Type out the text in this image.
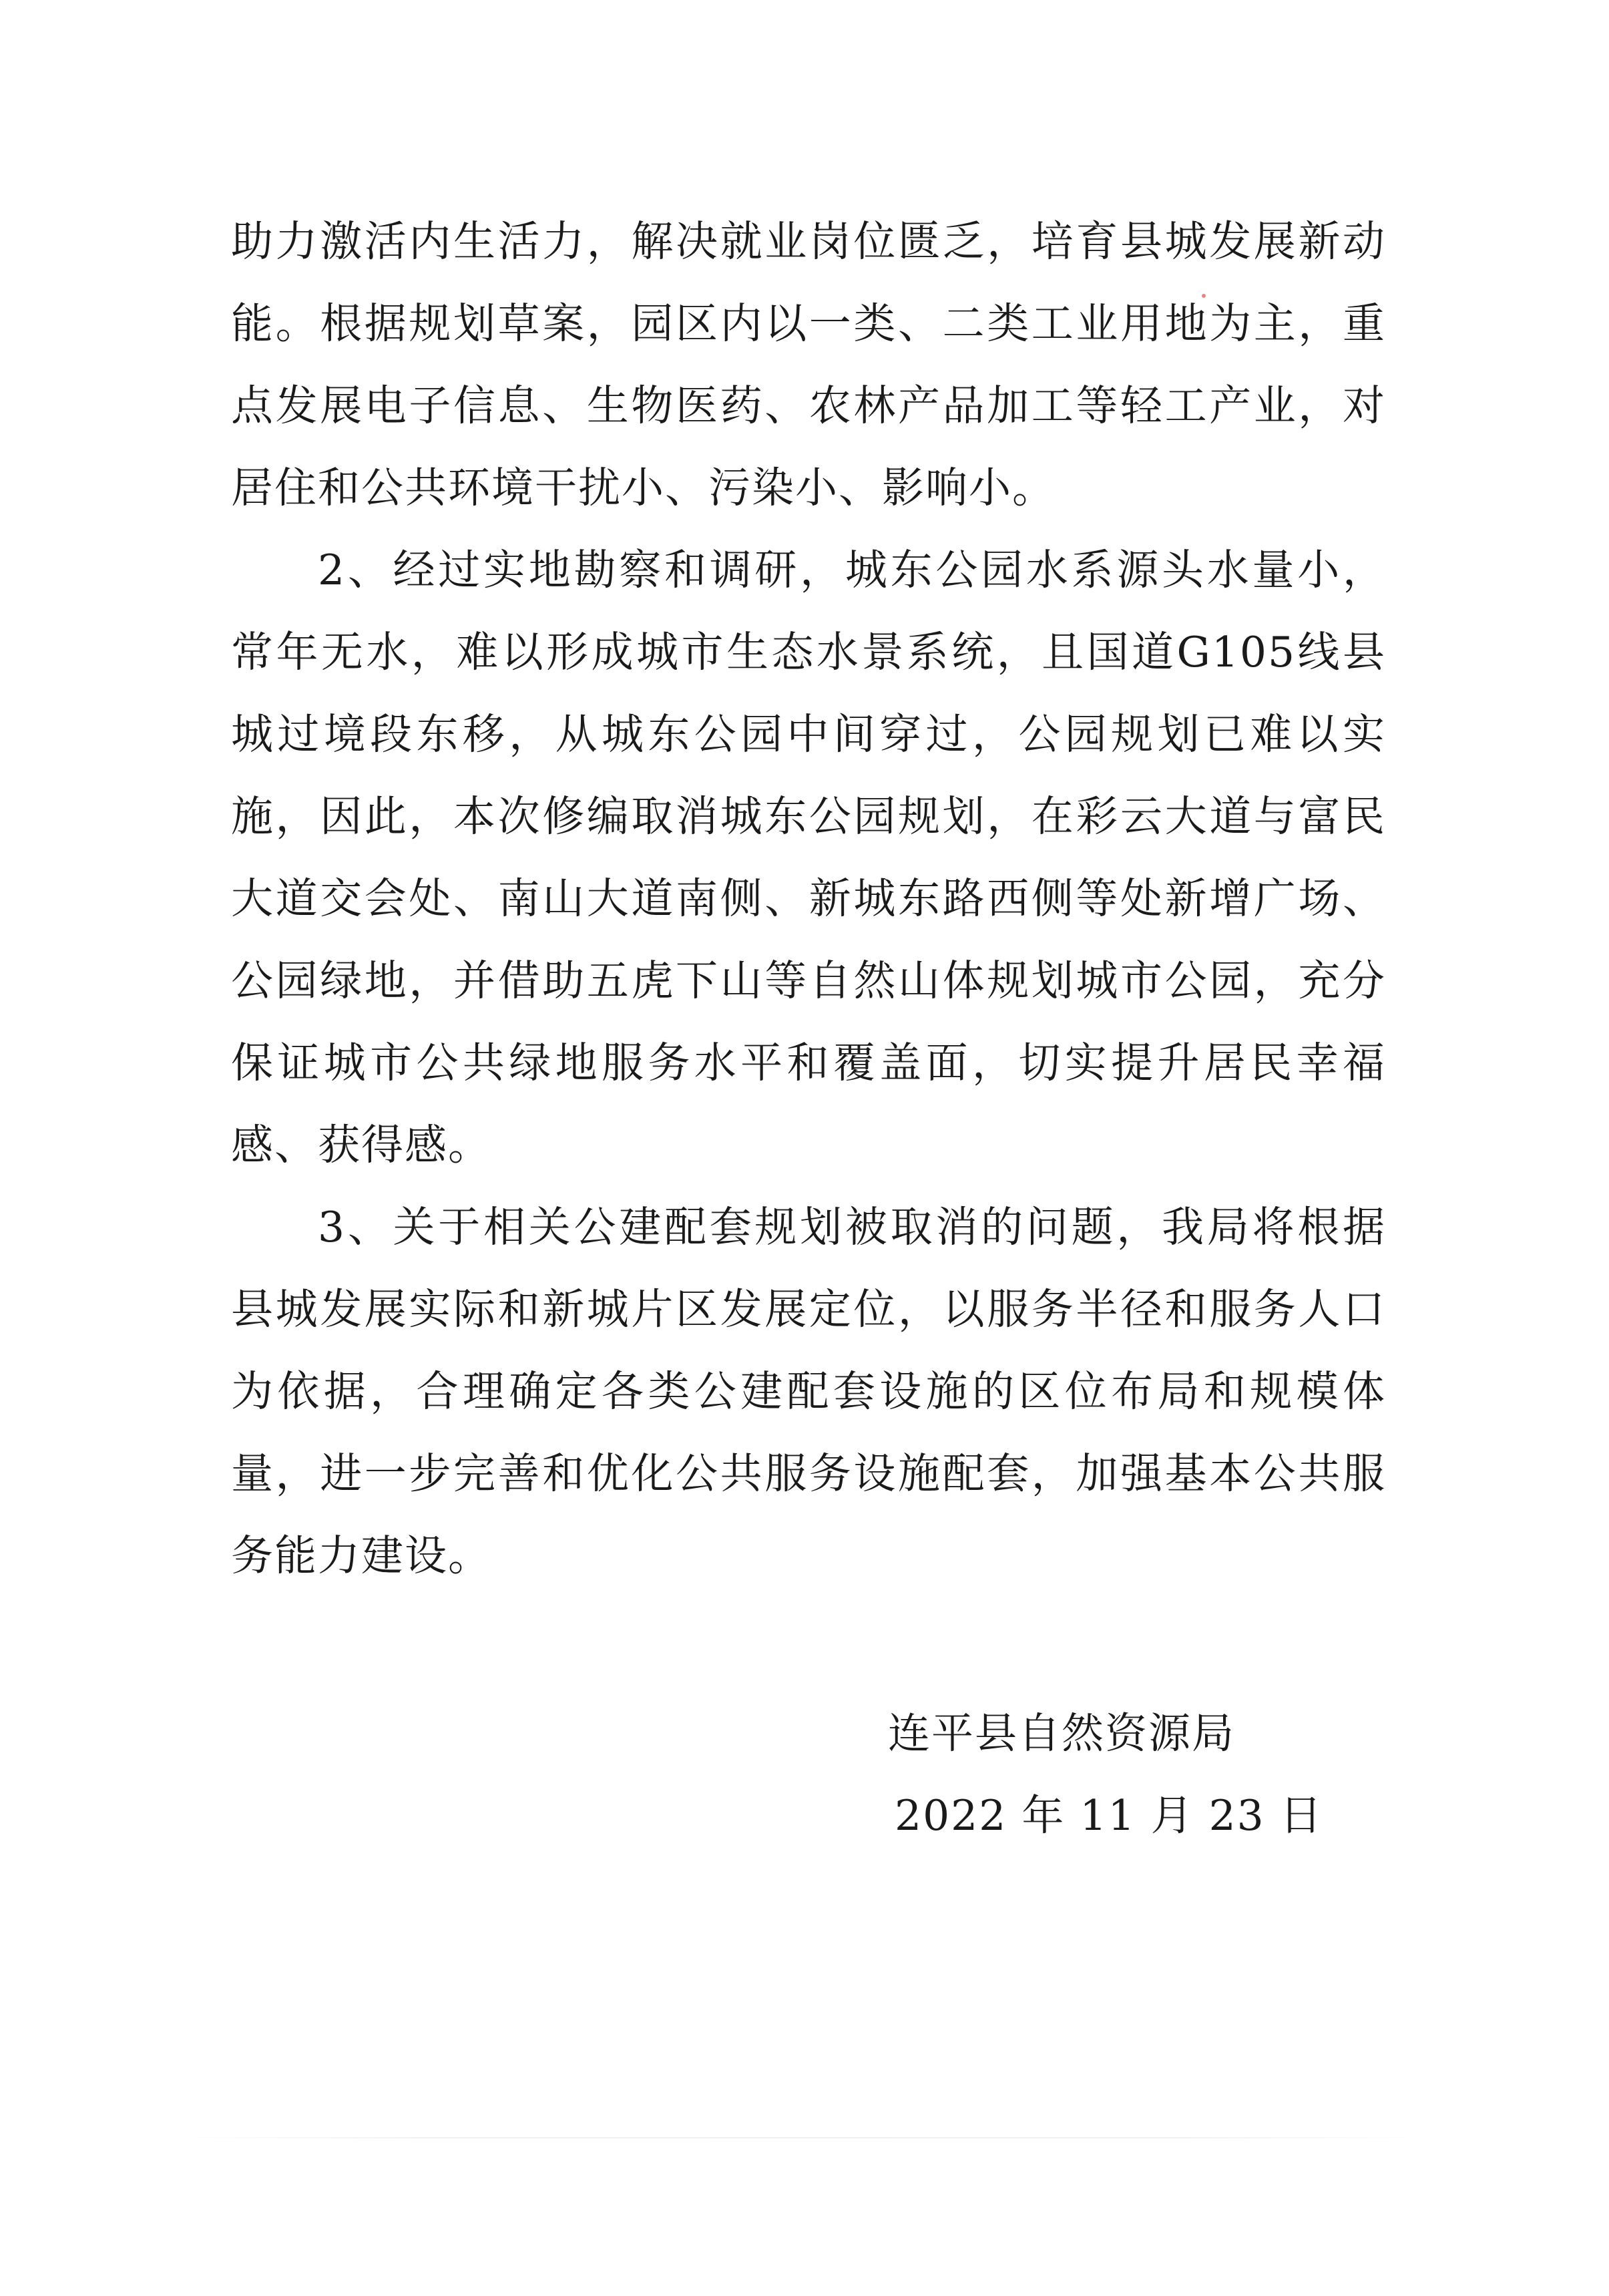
助力激活内生活力，解决就业岗位匮乏，培育县城发展新动能。根据规划草案，园区内以一类、二类工业用地为主，重点发展电子信息、生物医药、农林产品加工等轻工产业，对居住和公共环境干扰小、污染小、影响小。

2、经过实地勘察和调研，城东公园水系源头水量小，常年无水，难以形成城市生态水景系统，且国道G105线县城过境段东移，从城东公园中间穿过，公园规划已难以实施，因此，本次修编取消城东公园规划，在彩云大道与富民大道交会处、南山大道南侧、新城东路西侧等处新增广场、公园绿地，并借助五虎下山等自然山体规划城市公园，充分保证城市公共绿地服务水平和覆盖面，切实提升居民幸福感、获得感。

3、关于相关公建配套规划被取消的问题，我局将根据县城发展实际和新城片区发展定位，以服务半径和服务人口为依据，合理确定各类公建配套设施的区位布局和规模体量，进一步完善和优化公共服务设施配套，加强基本公共服务能力建设。

连平县自然资源局
2022 年 11 月 23 日
